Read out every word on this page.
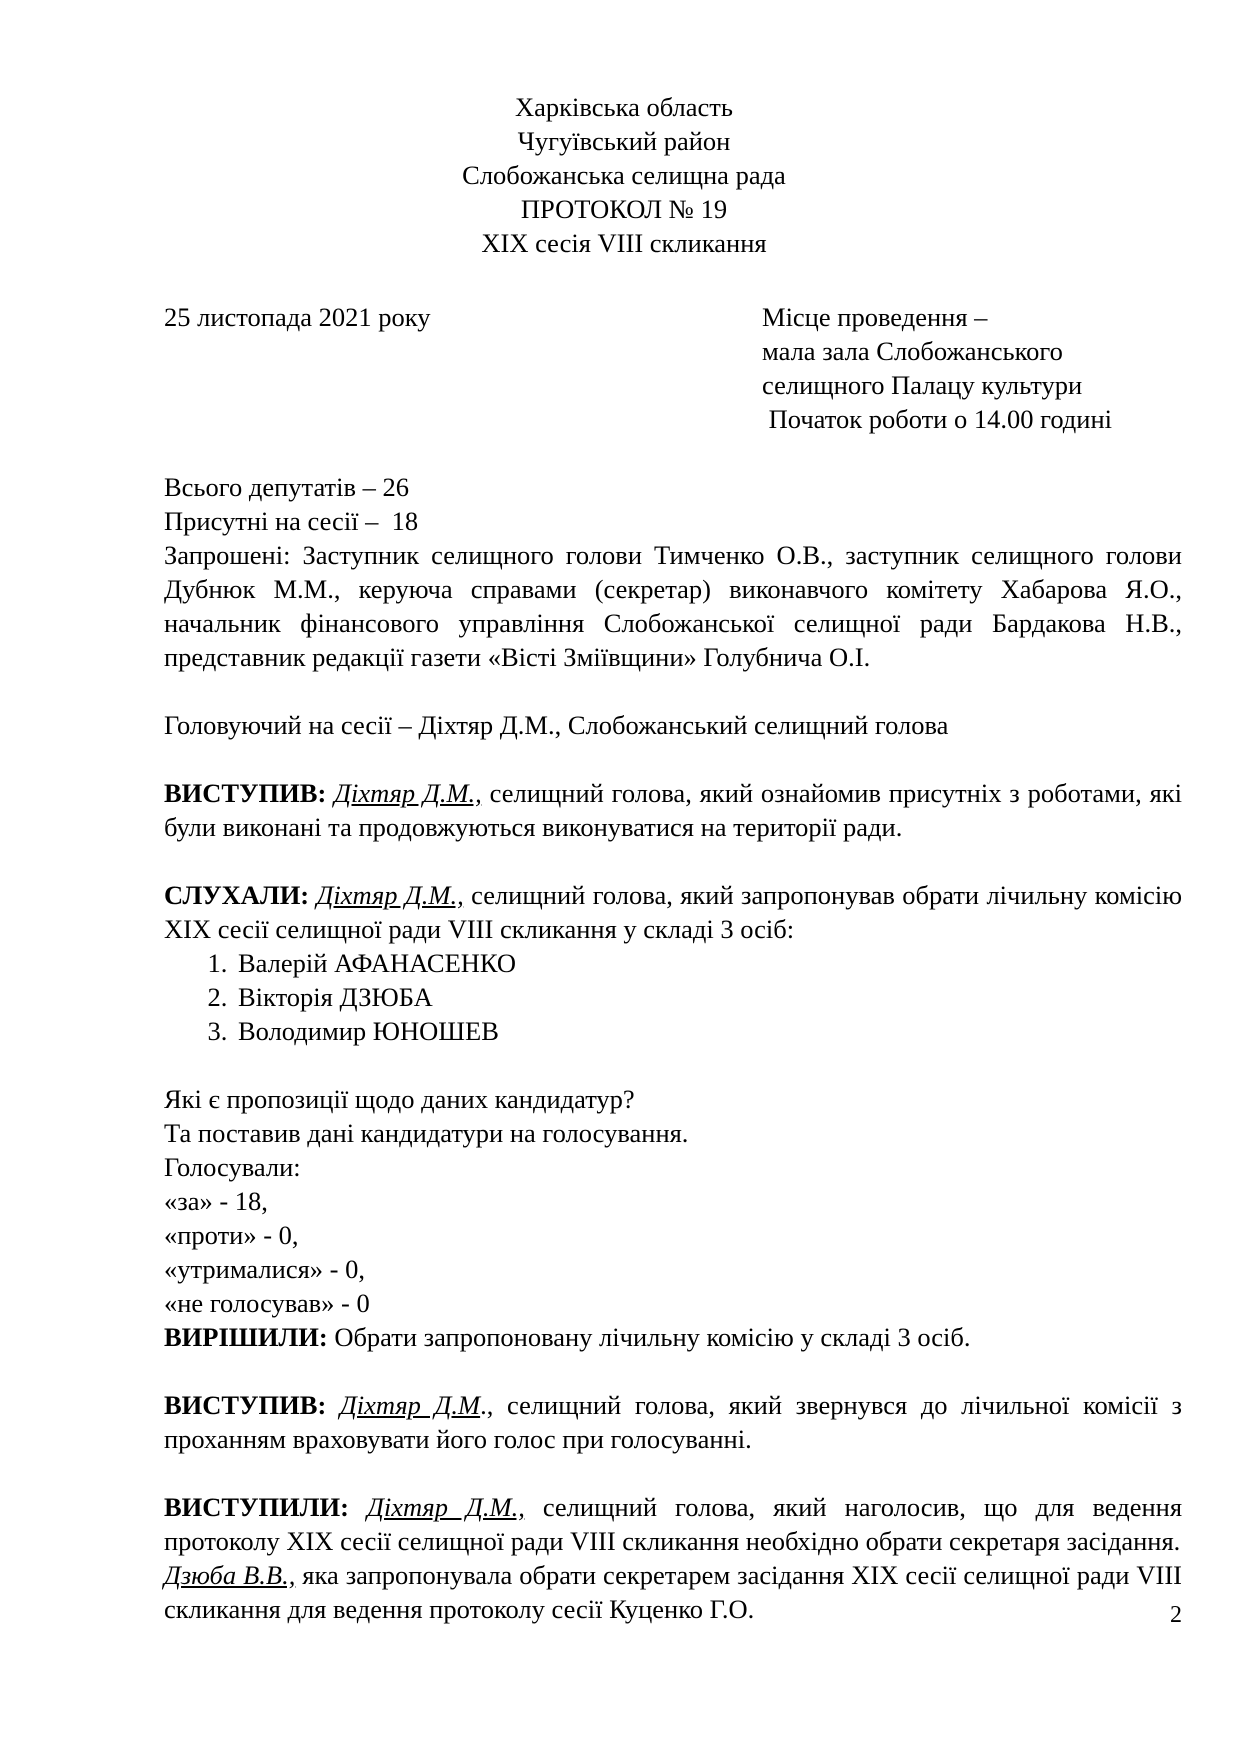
Харківська область

Чугуївський район

Слобожанська селищна рада

ПРОТОКОЛ № 19

XIX сесія VIII скликання

25 листопада 2021 року	Місце проведення –

мала зала Слобожанського

селищного Палацу культури

Початок роботи о 14.00 годині

Всього депутатів – 26

Присутні на сесії –  18

Запрошені: Заступник селищного голови Тимченко О.В., заступник селищного голови Дубнюк М.М., керуюча справами (секретар) виконавчого комітету Хабарова Я.О., начальник фінансового управління Слобожанської селищної ради Бардакова Н.В., представник редакції газети «Вісті Зміївщини» Голубнича О.І.

Головуючий на сесії – Діхтяр Д.М., Слобожанський селищний голова

ВИСТУПИВ: Діхтяр Д.М., селищний голова, який ознайомив присутніх з роботами, які були виконані та продовжуються виконуватися на території ради.

СЛУХАЛИ: Діхтяр Д.М., селищний голова, який запропонував обрати лічильну комісію XIX сесії селищної ради VIII скликання у складі 3 осіб:

1. Валерій АФАНАСЕНКО
2. Вікторія ДЗЮБА
3. Володимир ЮНОШЕВ

Які є пропозиції щодо даних кандидатур?

Та поставив дані кандидатури на голосування.

Голосували:

«за» - 18,

«проти» - 0,

«утрималися» - 0,

«не голосував» - 0

ВИРІШИЛИ: Обрати запропоновану лічильну комісію у складі 3 осіб.

ВИСТУПИВ: Діхтяр Д.М., селищний голова, який звернувся до лічильної комісії з проханням враховувати його голос при голосуванні.

ВИСТУПИЛИ: Діхтяр Д.М., селищний голова, який наголосив, що для ведення протоколу XIX сесії селищної ради VIII скликання необхідно обрати секретаря засідання.

Дзюба В.В., яка запропонувала обрати секретарем засідання XIX сесії селищної ради VIII скликання для ведення протоколу сесії Куценко Г.О.	2
